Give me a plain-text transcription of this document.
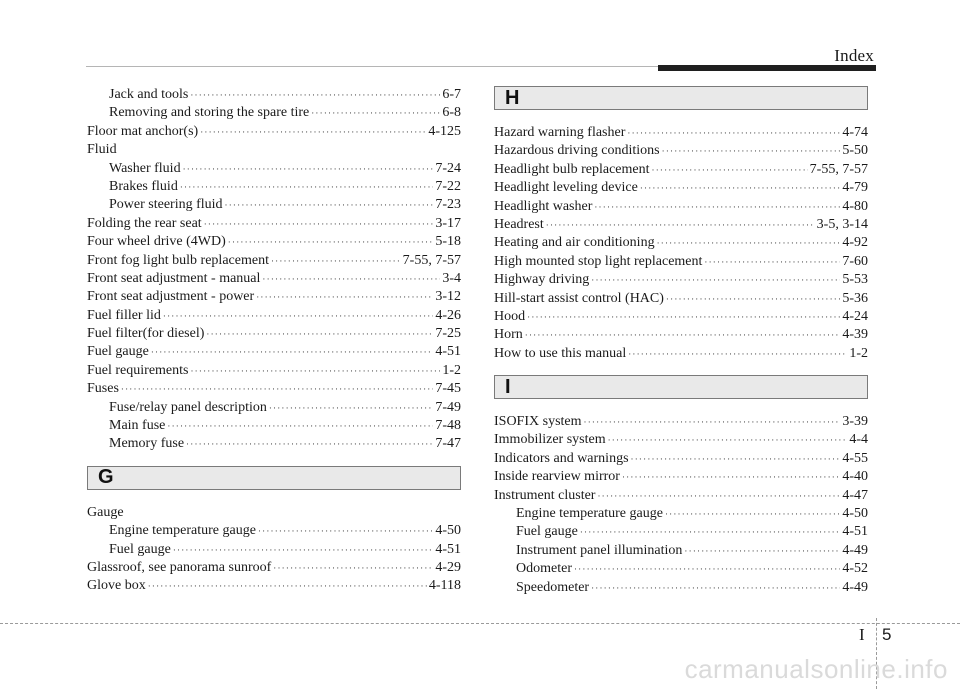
Index
Jack and tools ·····	6-7
Removing and storing the spare tire ·····	6-8
Floor mat anchor(s) ·····	4-125
Fluid
Washer fluid ·····	7-24
Brakes fluid ·····	7-22
Power steering fluid ·····	7-23
Folding the rear seat ·····	3-17
Four wheel drive (4WD) ·····	5-18
Front fog light bulb replacement ·····	7-55, 7-57
Front seat adjustment - manual ·····	3-4
Front seat adjustment - power ·····	3-12
Fuel filler lid ·····	4-26
Fuel filter(for diesel) ·····	7-25
Fuel gauge ·····	4-51
Fuel requirements ·····	1-2
Fuses ·····	7-45
Fuse/relay panel description ·····	7-49
Main fuse ·····	7-48
Memory fuse ·····	7-47
G
Gauge
Engine temperature gauge ·····	4-50
Fuel gauge ·····	4-51
Glassroof, see panorama sunroof ·····	4-29
Glove box ·····	4-118
H
Hazard warning flasher ·····	4-74
Hazardous driving conditions ·····	5-50
Headlight bulb replacement ·····	7-55, 7-57
Headlight leveling device ·····	4-79
Headlight washer ·····	4-80
Headrest ·····	3-5, 3-14
Heating and air conditioning ·····	4-92
High mounted stop light replacement ·····	7-60
Highway driving ·····	5-53
Hill-start assist control (HAC) ·····	5-36
Hood ·····	4-24
Horn ·····	4-39
How to use this manual ·····	1-2
I
ISOFIX system ·····	3-39
Immobilizer system ·····	4-4
Indicators and warnings ·····	4-55
Inside rearview mirror ·····	4-40
Instrument cluster ·····	4-47
Engine temperature gauge ·····	4-50
Fuel gauge ·····	4-51
Instrument panel illumination ·····	4-49
Odometer ·····	4-52
Speedometer ·····	4-49
I 5
carmanualsonline.info
